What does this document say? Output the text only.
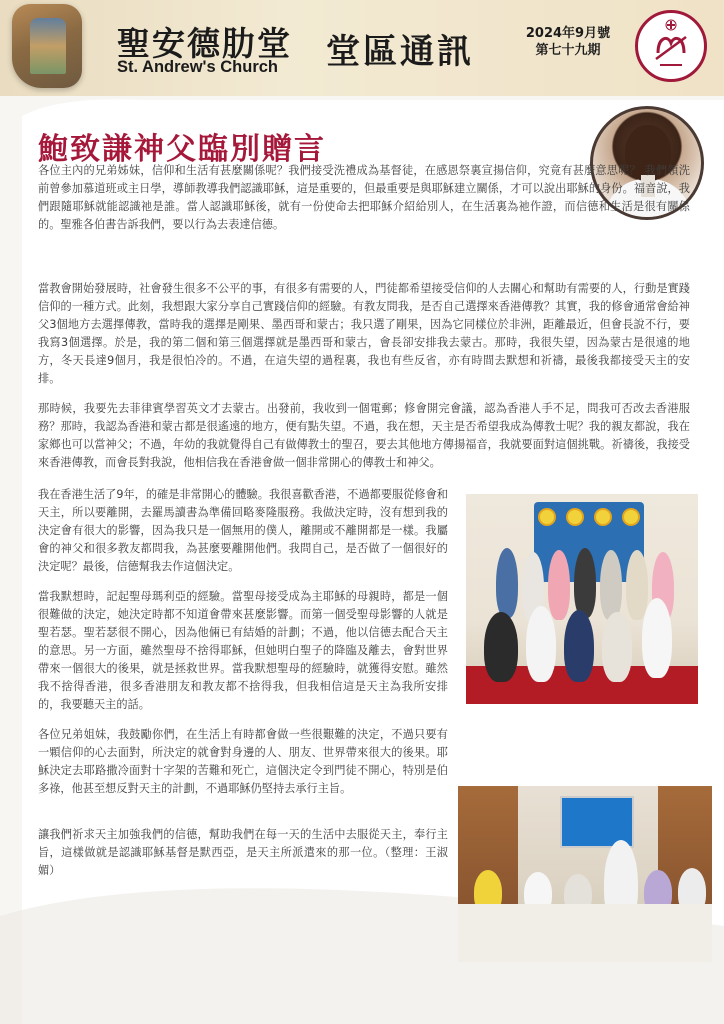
聖安德肋堂
St. Andrew's Church 堂區通訊	2024年9月號
第七十九期
鮑致謙神父臨別贈言

各位主內的兄弟姊妹，信仰和生活有甚麼關係呢？我們接受洗禮成為基督徒，在感恩祭裏宣揚信仰，究竟有甚麼意思呢？ 我們領洗前曾參加慕道班或主日學，導師教導我們認識耶穌，這是重要的，但最重要是與耶穌建立關係，才可以說出耶穌的身份。福音說，我們跟隨耶穌就能認識祂是誰。當人認識耶穌後，就有一份使命去把耶穌介紹給別人，在生活裏為祂作證，而信德和生活是很有關係的。聖雅各伯書告訴我們，要以行為去表達信德。

當教會開始發展時，社會發生很多不公平的事，有很多有需要的人，門徒都希望接受信仰的人去關心和幫助有需要的人，行動是實踐信仰的一種方式。此刻，我想跟大家分享自己實踐信仰的經驗。有教友問我，是否自己選擇來香港傳教？其實，我的修會通常會給神父3個地方去選擇傳教，當時我的選擇是剛果、墨西哥和蒙古；我只選了剛果，因為它同樣位於非洲，距離最近，但會長說不行，要我寫3個選擇。於是，我的第二個和第三個選擇就是墨西哥和蒙古，會長卻安排我去蒙古。那時，我很失望，因為蒙古是很遠的地方，冬天長達9個月，我是很怕冷的。不過，在這失望的過程裏，我也有些反省，亦有時間去默想和祈禱，最後我都接受天主的安排。

那時候，我要先去菲律賓學習英文才去蒙古。出發前，我收到一個電郵；修會開完會議，認為香港人手不足，問我可否改去香港服務？那時，我認為香港和蒙古都是很遙遠的地方，便有點失望。不過，我在想，天主是否希望我成為傳教士呢？我的親友都說，我在家鄉也可以當神父；不過，年幼的我就覺得自己有做傳教士的聖召，要去其他地方傳揚福音，我就要面對這個挑戰。祈禱後，我接受來香港傳教，而會長對我說，他相信我在香港會做一個非常開心的傳教士和神父。

我在香港生活了9年，的確是非常開心的體驗。我很喜歡香港，不過都要服從修會和天主，所以要離開，去羅馬讀書為準備回略麥隆服務。我做決定時，沒有想到我的決定會有很大的影響，因為我只是一個無用的僕人，離開或不離開都是一樣。我屬會的神父和很多教友都問我，為甚麼要離開他們。我問自己，是否做了一個很好的決定呢？最後，信德幫我去作這個決定。

當我默想時，記起聖母瑪利亞的經驗。當聖母接受成為主耶穌的母親時，都是一個很難做的決定，她決定時都不知道會帶來甚麼影響。而第一個受聖母影響的人就是聖若瑟。聖若瑟很不開心，因為他倆已有結婚的計劃；不過，他以信德去配合天主的意思。另一方面，雖然聖母不捨得耶穌，但她明白聖子的降臨及離去，會對世界帶來一個很大的後果，就是拯救世界。當我默想聖母的經驗時，就獲得安慰。雖然我不捨得香港，很多香港朋友和教友都不捨得我，但我相信這是天主為我所安排的，我要聽天主的話。

各位兄弟姐妹，我鼓勵你們，在生活上有時都會做一些很艱難的決定，不過只要有一顆信仰的心去面對，所決定的就會對身邊的人、朋友、世界帶來很大的後果。耶穌決定去耶路撒冷面對十字架的苦難和死亡，這個決定令到門徒不開心，特別是伯多祿，他甚至想反對天主的計劃，不過耶穌仍堅持去承行主旨。

讓我們祈求天主加強我們的信德，幫助我們在每一天的生活中去服從天主，奉行主旨，這樣做就是認識耶穌基督是默西亞，是天主所派遣來的那一位。（整理：王淑媚）
